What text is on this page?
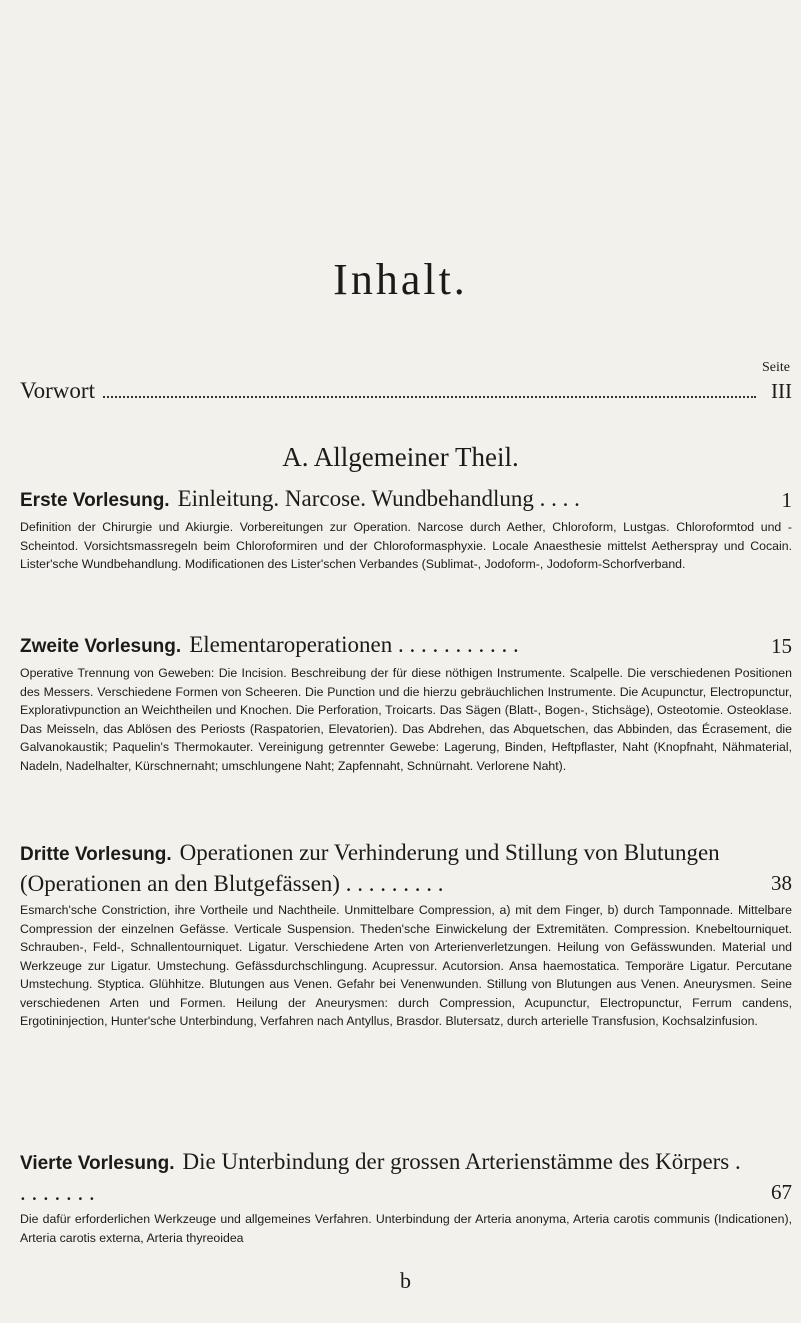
Inhalt.
Seite
Vorwort	III
A. Allgemeiner Theil.
Erste Vorlesung. Einleitung. Narcose. Wundbehandlung . . . .	1
Definition der Chirurgie und Akiurgie. Vorbereitungen zur Operation. Narcose durch Aether, Chloroform, Lustgas. Chloroformtod und -Scheintod. Vorsichtsmassregeln beim Chloroformiren und der Chloroformasphyxie. Locale Anaesthesie mittelst Aetherspray und Cocain. Lister'sche Wundbehandlung. Modificationen des Lister'schen Verbandes (Sublimat-, Jodoform-, Jodoform-Schorfverband.
Zweite Vorlesung. Elementaroperationen . . . . . . . . . . .	15
Operative Trennung von Geweben: Die Incision. Beschreibung der für diese nöthigen Instrumente. Scalpelle. Die verschiedenen Positionen des Messers. Verschiedene Formen von Scheeren. Die Punction und die hierzu gebräuchlichen Instrumente. Die Acupunctur, Electropunctur, Explorativpunction an Weichtheilen und Knochen. Die Perforation, Troicarts. Das Sägen (Blatt-, Bogen-, Stichsäge), Osteotomie. Osteoklase. Das Meisseln, das Ablösen des Periosts (Raspatorien, Elevatorien). Das Abdrehen, das Abquetschen, das Abbinden, das Écrasement, die Galvanokaustik; Paquelin's Thermokauter. Vereinigung getrennter Gewebe: Lagerung, Binden, Heftpflaster, Naht (Knopfnaht, Nähmaterial, Nadeln, Nadelhalter, Kürschnernaht; umschlungene Naht; Zapfennaht, Schnürnaht. Verlorene Naht).
Dritte Vorlesung. Operationen zur Verhinderung und Stillung von Blutungen (Operationen an den Blutgefässen) . . . . . . . . .	38
Esmarch'sche Constriction, ihre Vortheile und Nachtheile. Unmittelbare Compression, a) mit dem Finger, b) durch Tamponnade. Mittelbare Compression der einzelnen Gefässe. Verticale Suspension. Theden'sche Einwickelung der Extremitäten. Compression. Knebeltourniquet. Schrauben-, Feld-, Schnallentourniquet. Ligatur. Verschiedene Arten von Arterienverletzungen. Heilung von Gefässwunden. Material und Werkzeuge zur Ligatur. Umstechung. Gefässdurchschlingung. Acupressur. Acutorsion. Ansa haemostatica. Temporäre Ligatur. Percutane Umstechung. Styptica. Glühhitze. Blutungen aus Venen. Gefahr bei Venenwunden. Stillung von Blutungen aus Venen. Aneurysmen. Seine verschiedenen Arten und Formen. Heilung der Aneurysmen: durch Compression, Acupunctur, Electropunctur, Ferrum candens, Ergotininjection, Hunter'sche Unterbindung, Verfahren nach Antyllus, Brasdor. Blutersatz, durch arterielle Transfusion, Kochsalzinfusion.
Vierte Vorlesung. Die Unterbindung der grossen Arterienstämme des Körpers . . . . . . . .	67
Die dafür erforderlichen Werkzeuge und allgemeines Verfahren. Unterbindung der Arteria anonyma, Arteria carotis communis (Indicationen), Arteria carotis externa, Arteria thyreoidea
b
